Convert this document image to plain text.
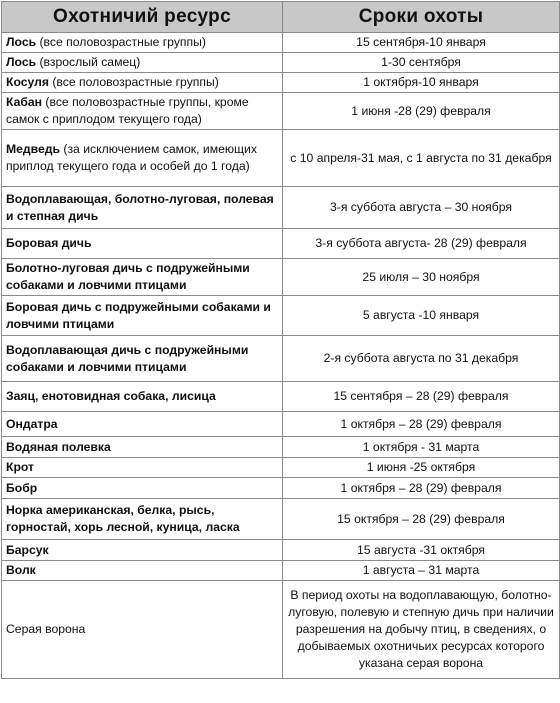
Охотничий ресурс	Сроки охоты
Лось (все половозрастные группы)	15 сентября-10 января
Лось (взрослый самец)	1-30 сентября
Косуля (все половозрастные группы)	1 октября-10 января
Кабан (все половозрастные группы, кроме самок с приплодом текущего года)	1 июня -28 (29) февраля
Медведь (за исключением самок, имеющих приплод текущего года и особей до 1 года)	с 10 апреля-31 мая, с 1 августа по 31 декабря
Водоплавающая, болотно-луговая, полевая и степная дичь	3-я суббота августа – 30 ноября
Боровая дичь	3-я суббота августа- 28 (29) февраля
Болотно-луговая дичь с подружейными собаками и ловчими птицами	25 июля – 30 ноября
Боровая дичь с подружейными собаками и ловчими птицами	5 августа -10 января
Водоплавающая дичь с подружейными собаками и ловчими птицами	2-я суббота августа по 31 декабря
Заяц, енотовидная собака, лисица	15 сентября – 28 (29) февраля
Ондатра	1 октября – 28 (29) февраля
Водяная полевка	1 октября - 31 марта
Крот	1 июня -25 октября
Бобр	1 октября – 28 (29) февраля
Норка американская, белка, рысь, горностай, хорь лесной, куница, ласка	15 октября – 28 (29) февраля
Барсук	15 августа -31 октября
Волк	1 августа – 31 марта
Серая ворона	В период охоты на водоплавающую, болотно-луговую, полевую и степную дичь при наличии разрешения на добычу птиц, в сведениях, о добываемых охотничьих ресурсах которого указана серая ворона
